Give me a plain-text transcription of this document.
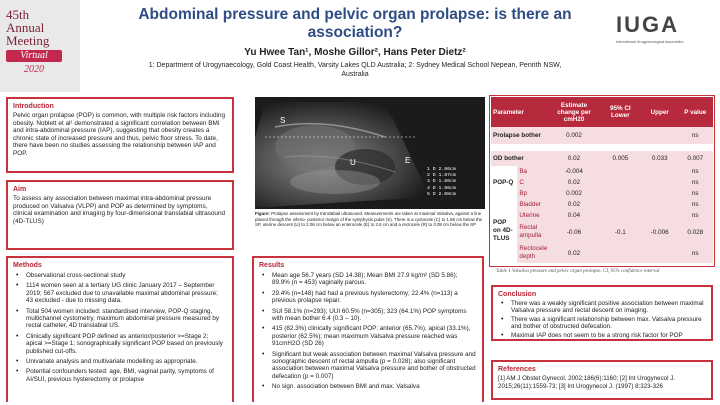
45th
Annual
Meeting
Virtual
2020
Abdominal pressure and pelvic organ prolapse: is there an association?
Yu Hwee Tan¹, Moshe Gillor², Hans Peter Dietz²
1: Department of Urogynaecology, Gold Coast Health, Varsity Lakes QLD Australia; 2: Sydney Medical School Nepean, Penrith NSW, Australia
IUGA
International Urogynecological Association
Introduction
Pelvic organ prolapse (POP) is common, with multiple risk factors including obesity. Noblett et al¹ demonstrated a significant correlation between BMI and intra-abdominal pressure (IAP), suggesting that obesity creates a chronic state of increased pressure and thus, pelvic floor stress. To date, there have been no studies assessing the relationship between IAP and POP.
Aim
To assess any association between maximal intra-abdominal pressure produced on Valsalva (VLPP) and POP as determined by symptoms, clinical examination and imaging by four-dimensional translabial ultrasound (4D-TLUS)
Methods
• Observational cross-sectional study
• 1114 women seen at a tertiary UG clinic January 2017 – September 2019; 567 excluded due to unavailable maximal abdominal pressure; 43 excluded - due to missing data.
• Total 504 women included: standardised interview, POP-Q staging, multichannel cystometry, maximum abdominal pressure measured by rectal catheter, 4D translabial US.
• Clinically significant POP defined as anterior/posterior >=Stage 2; apical >=Stage 1; sonographically significant POP based on previously published cut-offs.
• Univariate analysis and multivariate modelling as appropriate.
• Potential confounders tested: age, BMI, vaginal parity, symptoms of AI/SUI, previous hysterectomy or prolapse
S
U	E
1 D 2.86cm
2 D 1.87cm
3 D 1.86cm
4 D 1.86cm
5 D 2.08cm
Figure: Prolapse assessment by translabial ultrasound. Measurements are taken at maximal Valsalva, against a line placed through the inferio- posterior margin of the symphysis pubis (S). There is a cystocele (C) to 1.86 cm below the SP, uterine descent (U) to 2.08 cm below an enterocele (E) to 2.6 cm and a rectocele (R) to 3.08 cm below the SP
Results
• Mean age 56.7 years (SD 14.38); Mean BMI 27.9 kg/m² (SD 5.86); 89.9% (n = 453) vaginally parous.
• 29.4% (n=148) had had a previous hysterectomy; 22.4% (n=113) a previous prolapse repair.
• SUI 58.1% (n=293); UUI 60.5% (n=305); 323 (64.1%) POP symptoms with mean bother 6.4 (0.3 – 10).
• 415 (82.3%) clinically significant POP: anterior (65.7%), apical (33.1%), posterior (62.5%); mean maximum Valsalva pressure reached was 91cmH2O (SD 26)
• Significant but weak association between maximal Valsalva pressure and sonographic descent of rectal ampulla (p = 0.028); also significant association between maximal Valsalva pressure and bother of obstructed defecation (p = 0.007)
• No sign. association between BMI and max. Valsalva
Parameter		Estimate change per cmH20	95% CI Lower	Upper	P value
Prolapse bother		0.002			ns

OD bother		0.02	0.005	0.033	0.007
POP-Q	Ba	-0.004			ns
	C	0.02			ns
	Bp	0.002			ns
POP on 4D-TLUS	Bladder	0.02			ns
	Uterine	0.04			ns
	Rectal ampulla	-0.06	-0.1	-0.006	0.028
	Rectocele depth	0.02			ns
Table 1 Valsalva pressure and pelvic organ prolapse. CI, 95% confidence interval
Conclusion
• There was a weakly significant positive association between maximal Valsalva pressure and rectal descent on imaging.
• There was a significant relationship between max. Valsalva pressure and bother of obstructed defecation.
• Maximal IAP does not seem to be a strong risk factor for POP
References
[1] AM J Obstet Gynecol. 2002;186(6):1160; [2] Int Urogynecol J. 2015;26(11):1559-73; [3] Int Urogynecol J. (1997) 8:323-326
